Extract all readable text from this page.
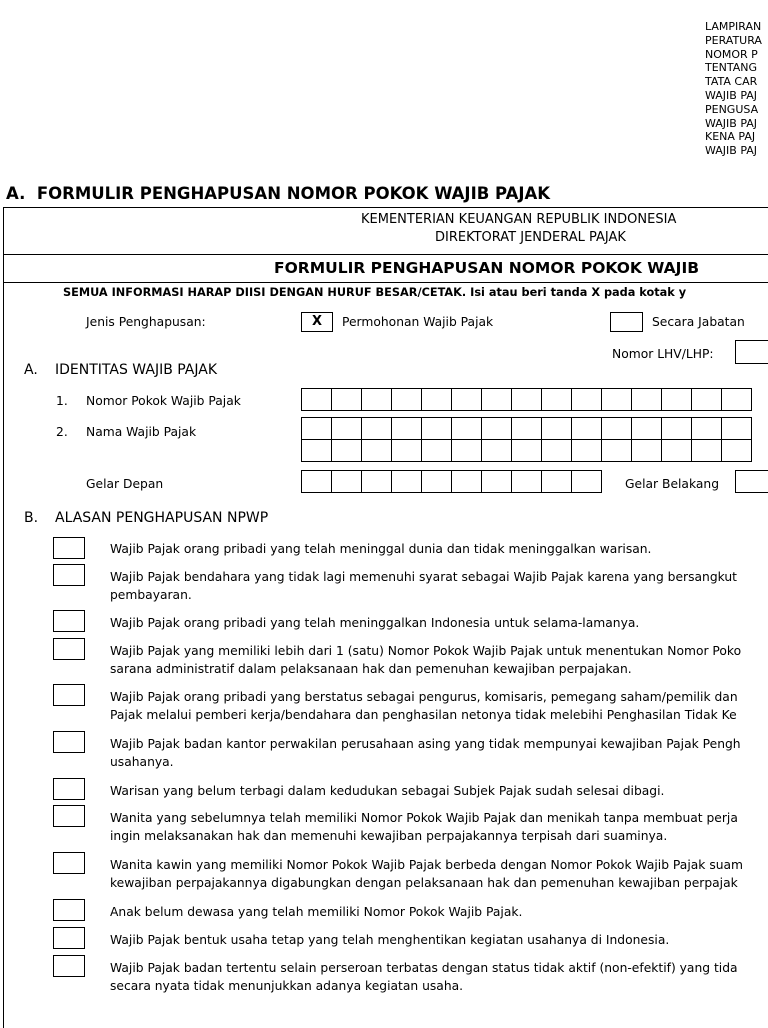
LAMPIRAN
PERATURA
NOMOR P
TENTANG
TATA CAR
WAJIB PAJ
PENGUSA
WAJIB PAJ
KENA PAJ
WAJIB PAJ
A.  FORMULIR PENGHAPUSAN NOMOR POKOK WAJIB PAJAK
KEMENTERIAN KEUANGAN REPUBLIK INDONESIA
DIREKTORAT JENDERAL PAJAK
FORMULIR PENGHAPUSAN NOMOR POKOK WAJIB
SEMUA INFORMASI HARAP DIISI DENGAN HURUF BESAR/CETAK. Isi atau beri tanda X pada kotak y
Jenis Penghapusan:	X	Permohonan Wajib Pajak	Secara Jabatan
Nomor LHV/LHP:
A. IDENTITAS WAJIB PAJAK
1. Nomor Pokok Wajib Pajak
2. Nama Wajib Pajak
Gelar Depan	Gelar Belakang
B. ALASAN PENGHAPUSAN NPWP
Wajib Pajak orang pribadi yang telah meninggal dunia dan tidak meninggalkan warisan.
Wajib Pajak bendahara yang tidak lagi memenuhi syarat sebagai Wajib Pajak karena yang bersangkut
pembayaran.
Wajib Pajak orang pribadi yang telah meninggalkan Indonesia untuk selama-lamanya.
Wajib Pajak yang memiliki lebih dari 1 (satu) Nomor Pokok Wajib Pajak untuk menentukan Nomor Poko
sarana administratif dalam pelaksanaan hak dan pemenuhan kewajiban perpajakan.
Wajib Pajak orang pribadi yang berstatus sebagai pengurus, komisaris, pemegang saham/pemilik dan
Pajak melalui pemberi kerja/bendahara dan penghasilan netonya tidak melebihi Penghasilan Tidak Ke
Wajib Pajak badan kantor perwakilan perusahaan asing yang tidak mempunyai kewajiban Pajak Pengh
usahanya.
Warisan yang belum terbagi dalam kedudukan sebagai Subjek Pajak sudah selesai dibagi.
Wanita yang sebelumnya telah memiliki Nomor Pokok Wajib Pajak dan menikah tanpa membuat perja
ingin melaksanakan hak dan memenuhi kewajiban perpajakannya terpisah dari suaminya.
Wanita kawin yang memiliki Nomor Pokok Wajib Pajak berbeda dengan Nomor Pokok Wajib Pajak suam
kewajiban perpajakannya digabungkan dengan pelaksanaan hak dan pemenuhan kewajiban perpajak
Anak belum dewasa yang telah memiliki Nomor Pokok Wajib Pajak.
Wajib Pajak bentuk usaha tetap yang telah menghentikan kegiatan usahanya di Indonesia.
Wajib Pajak badan tertentu selain perseroan terbatas dengan status tidak aktif (non-efektif) yang tida
secara nyata tidak menunjukkan adanya kegiatan usaha.
